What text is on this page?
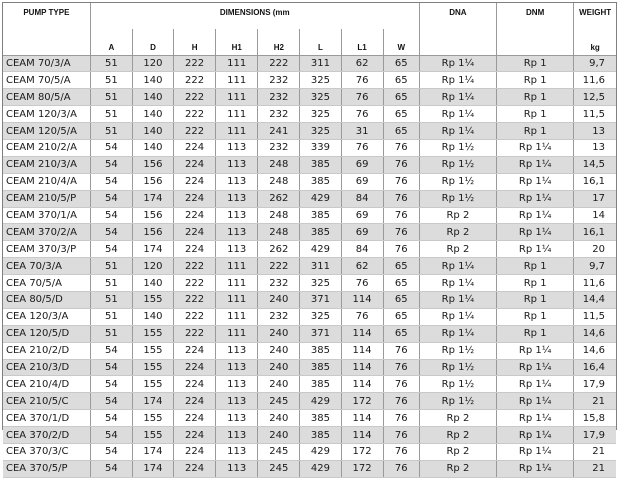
PUMP TYPE	DIMENSIONS (mm								DNA	DNM	WEIGHT
	A	D	H	H1	H2	L	L1	W			kg
CEAM 70/3/A	51	120	222	111	222	311	62	65	Rp 1¼	Rp 1	9,7
CEAM 70/5/A	51	140	222	111	232	325	76	65	Rp 1¼	Rp 1	11,6
CEAM 80/5/A	51	140	222	111	232	325	76	65	Rp 1¼	Rp 1	12,5
CEAM 120/3/A	51	140	222	111	232	325	76	65	Rp 1¼	Rp 1	11,5
CEAM 120/5/A	51	140	222	111	241	325	31	65	Rp 1¼	Rp 1	13
CEAM 210/2/A	54	140	224	113	232	339	76	76	Rp 1½	Rp 1¼	13
CEAM 210/3/A	54	156	224	113	248	385	69	76	Rp 1½	Rp 1¼	14,5
CEAM 210/4/A	54	156	224	113	248	385	69	76	Rp 1½	Rp 1¼	16,1
CEAM 210/5/P	54	174	224	113	262	429	84	76	Rp 1½	Rp 1¼	17
CEAM 370/1/A	54	156	224	113	248	385	69	76	Rp 2	Rp 1¼	14
CEAM 370/2/A	54	156	224	113	248	385	69	76	Rp 2	Rp 1¼	16,1
CEAM 370/3/P	54	174	224	113	262	429	84	76	Rp 2	Rp 1¼	20
CEA 70/3/A	51	120	222	111	222	311	62	65	Rp 1¼	Rp 1	9,7
CEA 70/5/A	51	140	222	111	232	325	76	65	Rp 1¼	Rp 1	11,6
CEA 80/5/D	51	155	222	111	240	371	114	65	Rp 1¼	Rp 1	14,4
CEA 120/3/A	51	140	222	111	232	325	76	65	Rp 1¼	Rp 1	11,5
CEA 120/5/D	51	155	222	111	240	371	114	65	Rp 1¼	Rp 1	14,6
CEA 210/2/D	54	155	224	113	240	385	114	76	Rp 1½	Rp 1¼	14,6
CEA 210/3/D	54	155	224	113	240	385	114	76	Rp 1½	Rp 1¼	16,4
CEA 210/4/D	54	155	224	113	240	385	114	76	Rp 1½	Rp 1¼	17,9
CEA 210/5/C	54	174	224	113	245	429	172	76	Rp 1½	Rp 1¼	21
CEA 370/1/D	54	155	224	113	240	385	114	76	Rp 2	Rp 1¼	15,8
CEA 370/2/D	54	155	224	113	240	385	114	76	Rp 2	Rp 1¼	17,9
CEA 370/3/C	54	174	224	113	245	429	172	76	Rp 2	Rp 1¼	21
CEA 370/5/P	54	174	224	113	245	429	172	76	Rp 2	Rp 1¼	21
